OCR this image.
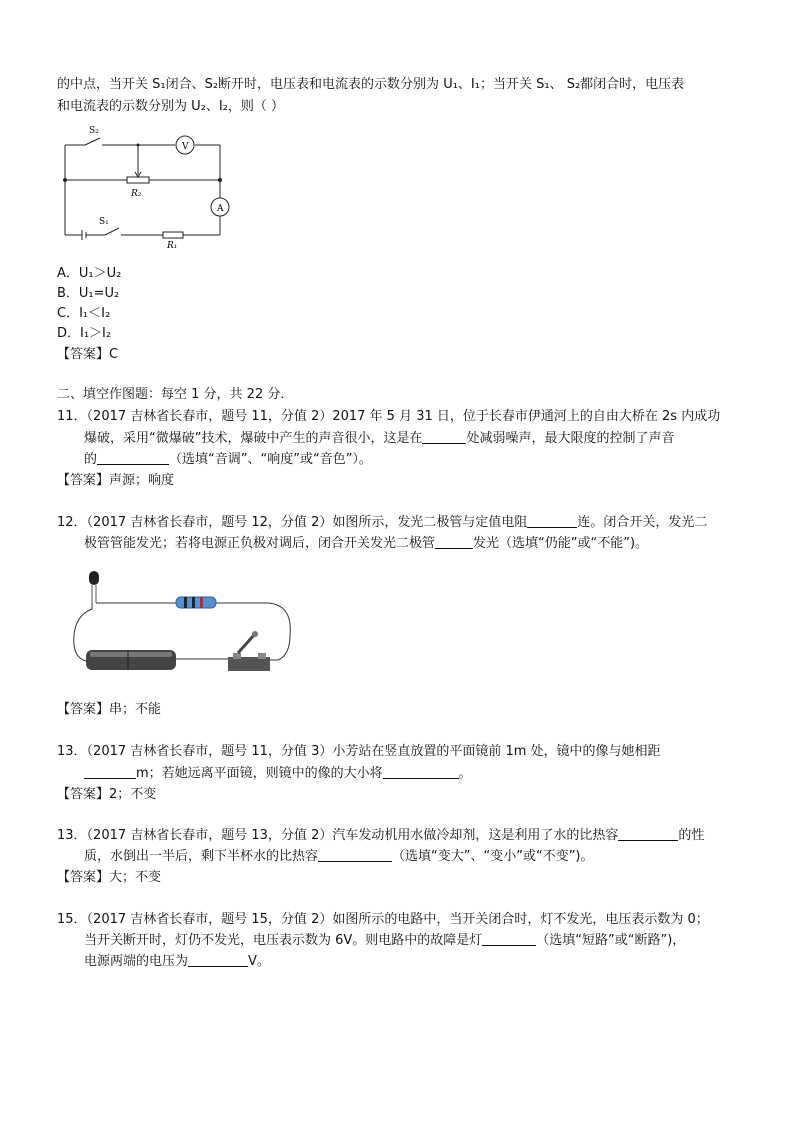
的中点，当开关 S₁闭合、S₂断开时，电压表和电流表的示数分别为 U₁、I₁；当开关 S₁、 S₂都闭合时，电压表
和电流表的示数分别为 U₂、I₂，则（ ）
S₂
V
R₂
A
S₁
R₁
A．U₁＞U₂
B．U₁=U₂
C．I₁＜I₂
D．I₁＞I₂
【答案】C
二、填空作图题：每空 1 分，共 22 分．
11．（2017 吉林省长春市，题号 11，分值 2）2017 年 5 月 31 日，位于长春市伊通河上的自由大桥在 2s 内成功
爆破，采用“微爆破”技术，爆破中产生的声音很小，这是在	处减弱噪声，最大限度的控制了声音
的	（选填“音调”、“响度”或“音色”）。
【答案】声源；响度
12．（2017 吉林省长春市，题号 12，分值 2）如图所示，发光二极管与定值电阻	连。闭合开关，发光二
极管管能发光；若将电源正负极对调后，闭合开关发光二极管	发光（选填“仍能”或“不能”)。
【答案】串；不能
13．（2017 吉林省长春市，题号 11，分值 3）小芳站在竖直放置的平面镜前 1m 处，镜中的像与她相距
m；若她远离平面镜，则镜中的像的大小将	。
【答案】2；不变
13．（2017 吉林省长春市，题号 13，分值 2）汽车发动机用水做冷却剂，这是利用了水的比热容	的性
质，水倒出一半后，剩下半杯水的比热容	（选填“变大”、“变小”或“不变”)。
【答案】大；不变
15．（2017 吉林省长春市，题号 15，分值 2）如图所示的电路中，当开关闭合时，灯不发光，电压表示数为 0；
当开关断开时，灯仍不发光，电压表示数为 6V。则电路中的故障是灯	（选填“短路”或“断路”)，
电源两端的电压为	V。
